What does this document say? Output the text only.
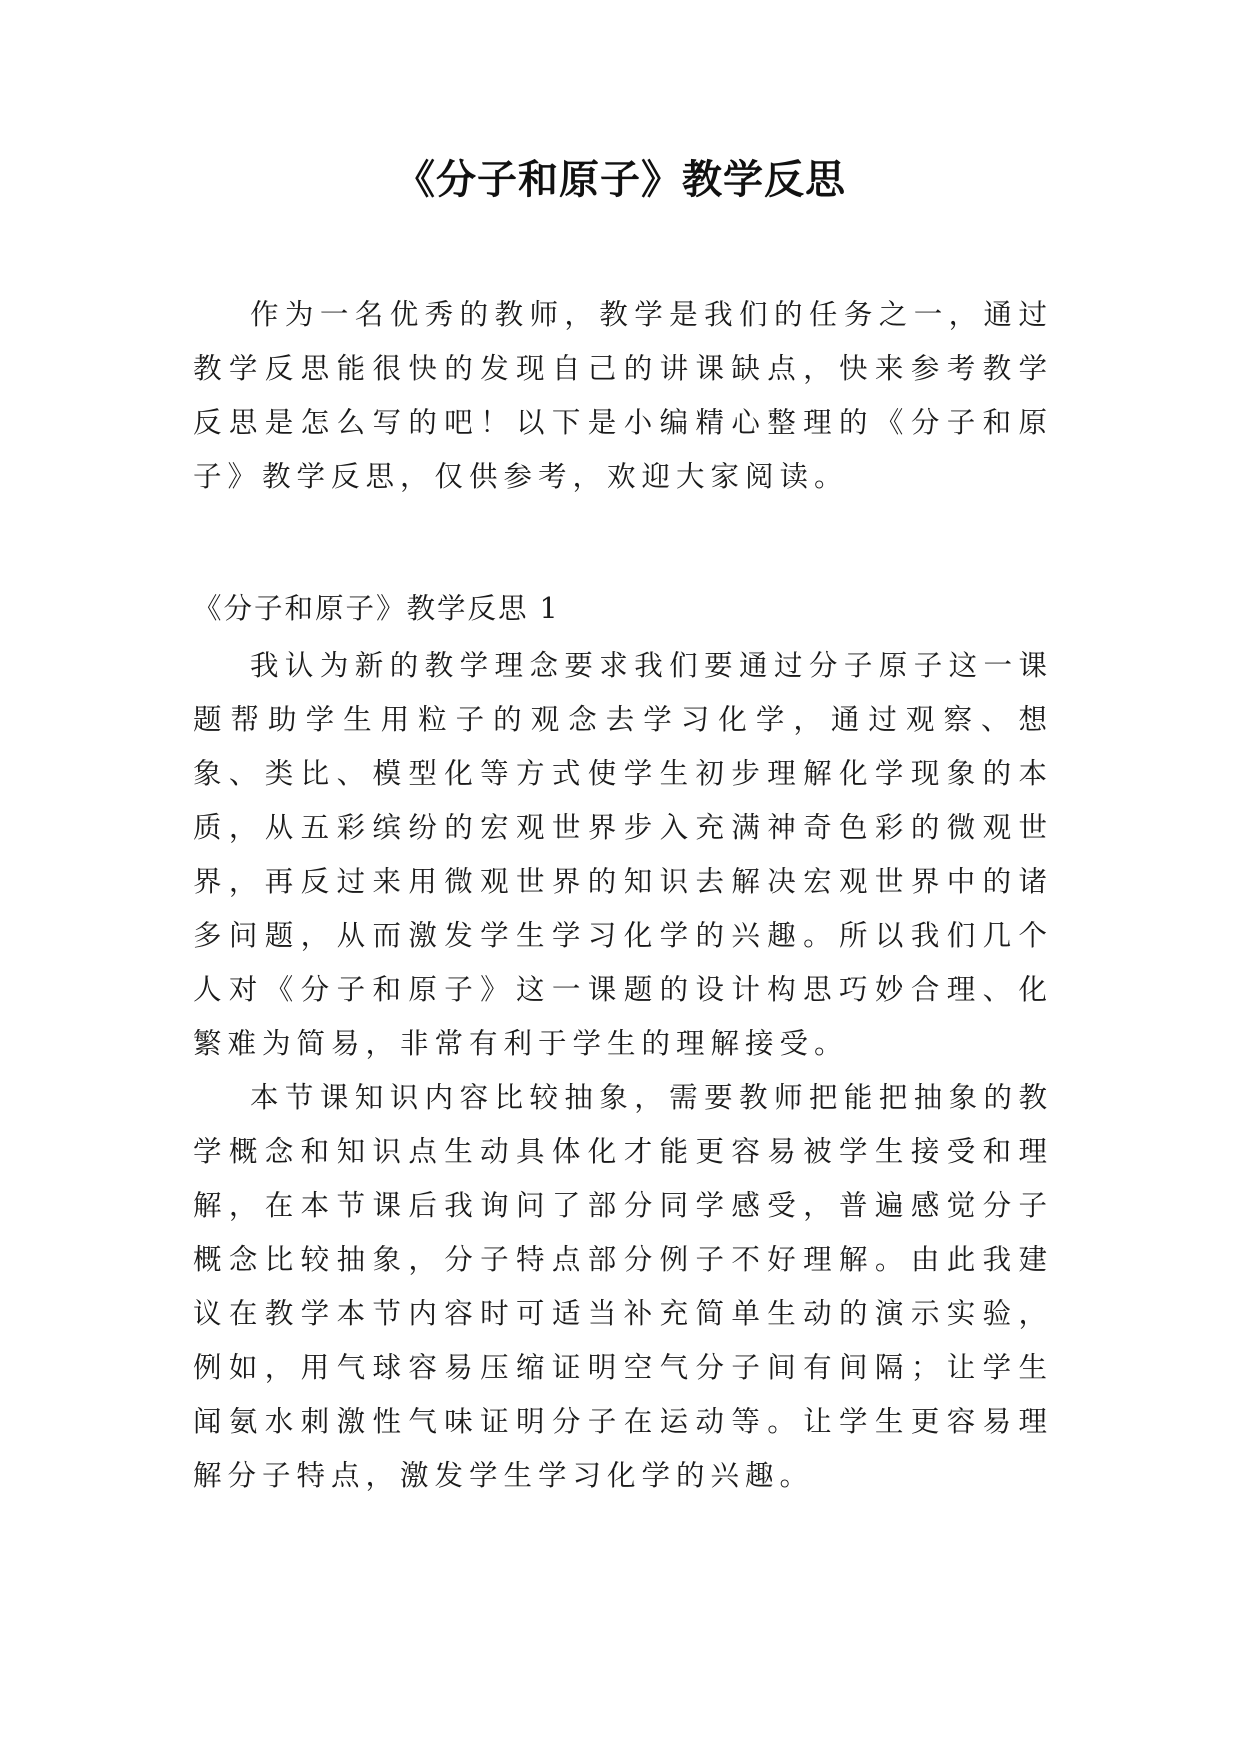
《分子和原子》教学反思

作为一名优秀的教师，教学是我们的任务之一，通过教学反思能很快的发现自己的讲课缺点，快来参考教学反思是怎么写的吧！以下是小编精心整理的《分子和原子》教学反思，仅供参考，欢迎大家阅读。

《分子和原子》教学反思 1

我认为新的教学理念要求我们要通过分子原子这一课题帮助学生用粒子的观念去学习化学，通过观察、想象、类比、模型化等方式使学生初步理解化学现象的本质，从五彩缤纷的宏观世界步入充满神奇色彩的微观世界，再反过来用微观世界的知识去解决宏观世界中的诸多问题，从而激发学生学习化学的兴趣。所以我们几个人对《分子和原子》这一课题的设计构思巧妙合理、化繁难为简易，非常有利于学生的理解接受。

本节课知识内容比较抽象，需要教师把能把抽象的教学概念和知识点生动具体化才能更容易被学生接受和理解，在本节课后我询问了部分同学感受，普遍感觉分子概念比较抽象，分子特点部分例子不好理解。由此我建议在教学本节内容时可适当补充简单生动的演示实验，例如，用气球容易压缩证明空气分子间有间隔；让学生闻氨水刺激性气味证明分子在运动等。让学生更容易理解分子特点，激发学生学习化学的兴趣。
